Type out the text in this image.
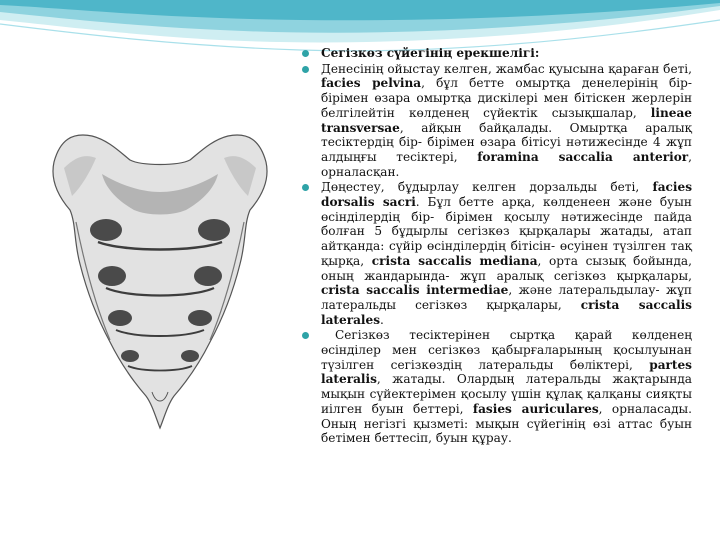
Сегізкөз сүйегінің ерекшелігі:
Денесінің ойыстау келген, жамбас қуысына қараған беті, facies pelvina, бұл бетте омыртқа денелерінің бір- бірімен өзара омыртқа дискілері мен бітіскен жерлерін белгілейтін көлденең сүйектік сызықшалар, lineae transversae, айқын байқалады. Омыртқа аралық тесіктердің бір- бірімен өзара бітісуі нәтижесінде 4 жұп алдыңғы тесіктері, foramina saccalia anterior, орналасқан.
Дөңестеу, бұдырлау келген дорзальды беті, facies dorsalis sacri. Бұл бетте арқа, көлденеен және буын өсінділердің бір- бірімен қосылу нәтижесінде пайда болған 5 бұдырлы сегізкөз қырқалары жатады, атап айтқанда: сүйір өсінділердің бітісін- өсуінен түзілген тақ қырқа, crista saccalis mediana, орта сызық бойында, оның жандарында- жұп аралық сегізкөз қырқалары, crista saccalis intermediae, және латеральдылау- жұп латеральды сегізкөз қырқалары, crista saccalis laterales.
Сегізкөз тесіктерінен сыртқа қарай көлденең өсінділер мен сегізкөз қабырғаларының қосылуынан түзілген сегізкөздің латеральды бөліктері, partes lateralis, жатады. Олардың латеральды жақтарында мықын сүйектерімен қосылу үшін құлақ қалқаны сияқты иілген буын беттері, fasies auriculares, орналасады. Оның негізгі қызметі: мықын сүйегінің өзі аттас буын бетімен беттесіп, буын құрау.
